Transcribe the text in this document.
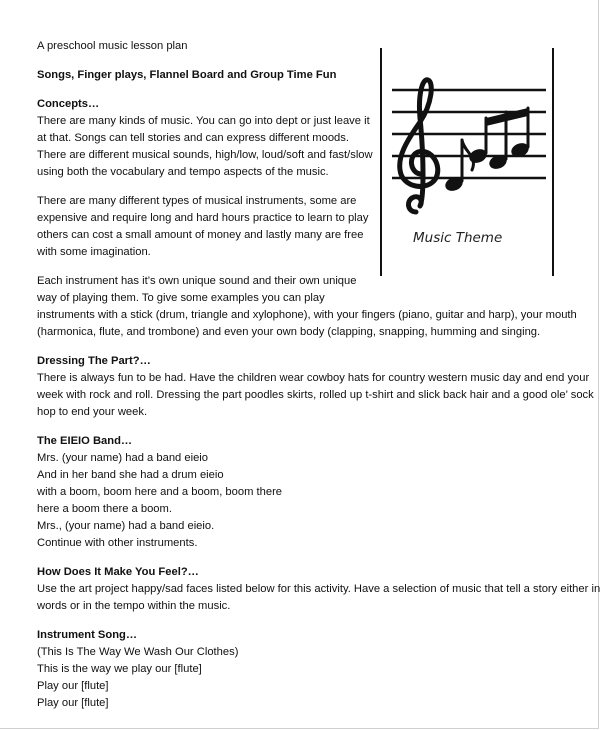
A preschool music lesson plan
Songs, Finger plays, Flannel Board and Group Time Fun
Concepts…
There are many kinds of music. You can go into dept or just leave it
at that. Songs can tell stories and can express different moods.
There are different musical sounds, high/low, loud/soft and fast/slow
using both the vocabulary and tempo aspects of the music.
There are many different types of musical instruments, some are
expensive and require long and hard hours practice to learn to play
others can cost a small amount of money and lastly many are free
with some imagination.
Each instrument has it’s own unique sound and their own unique
way of playing them. To give some examples you can play
instruments with a stick (drum, triangle and xylophone), with your fingers (piano, guitar and harp), your mouth
(harmonica, flute, and trombone) and even your own body (clapping, snapping, humming and singing.
Dressing The Part?…
There is always fun to be had. Have the children wear cowboy hats for country western music day and end your
week with rock and roll. Dressing the part poodles skirts, rolled up t-shirt and slick back hair and a good ole’ sock
hop to end your week.
The EIEIO Band…
Mrs. (your name) had a band eieio
And in her band she had a drum eieio
with a boom, boom here and a boom, boom there
here a boom there a boom.
Mrs., (your name) had a band eieio.
Continue with other instruments.
How Does It Make You Feel?…
Use the art project happy/sad faces listed below for this activity. Have a selection of music that tell a story either in
words or in the tempo within the music.
Instrument Song…
(This Is The Way We Wash Our Clothes)
This is the way we play our [flute]
Play our [flute]
Play our [flute]
Music Theme
